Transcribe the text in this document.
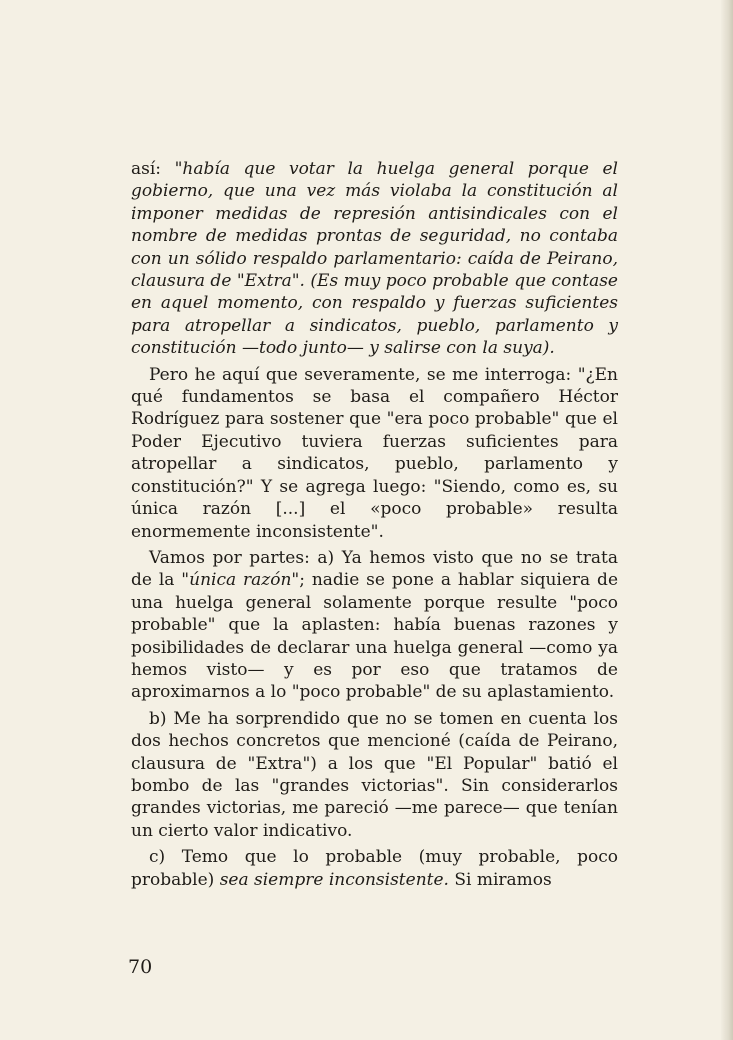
así: "había que votar la huelga general porque el gobierno, que una vez más violaba la constitución al imponer medidas de represión antisindicales con el nombre de medidas prontas de seguridad, no contaba con un sólido respaldo parlamentario: caída de Peirano, clausura de "Extra". (Es muy poco probable que contase en aquel momento, con respaldo y fuerzas suficientes para atropellar a sindicatos, pueblo, parlamento y constitución —todo junto— y salirse con la suya).

Pero he aquí que severamente, se me interroga: "¿En qué fundamentos se basa el compañero Héctor Rodríguez para sostener que "era poco probable" que el Poder Ejecutivo tuviera fuerzas suficientes para atropellar a sindicatos, pueblo, parlamento y constitución?" Y se agrega luego: "Siendo, como es, su única razón [...] el «poco probable» resulta enormemente inconsistente".

Vamos por partes: a) Ya hemos visto que no se trata de la "única razón"; nadie se pone a hablar siquiera de una huelga general solamente porque resulte "poco probable" que la aplasten: había buenas razones y posibilidades de declarar una huelga general —como ya hemos visto— y es por eso que tratamos de aproximarnos a lo "poco probable" de su aplastamiento.

b) Me ha sorprendido que no se tomen en cuenta los dos hechos concretos que mencioné (caída de Peirano, clausura de "Extra") a los que "El Popular" batió el bombo de las "grandes victorias". Sin considerarlos grandes victorias, me pareció —me parece— que tenían un cierto valor indicativo.

c) Temo que lo probable (muy probable, poco probable) sea siempre inconsistente. Si miramos

70
